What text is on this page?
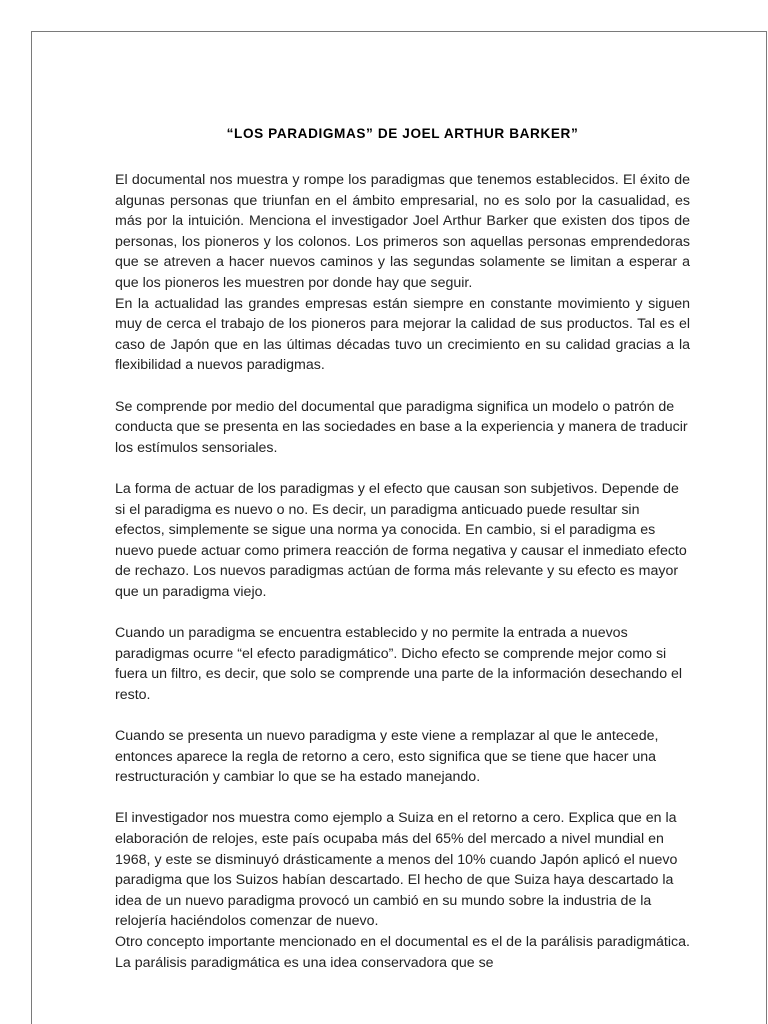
“LOS PARADIGMAS” DE JOEL ARTHUR BARKER”

El documental nos muestra y rompe los paradigmas que tenemos establecidos. El éxito de algunas personas que triunfan en el ámbito empresarial, no es solo por la casualidad, es más por la intuición. Menciona el investigador Joel Arthur Barker que existen dos tipos de personas, los pioneros y los colonos. Los primeros son aquellas personas emprendedoras que se atreven a hacer nuevos caminos y las segundas solamente se limitan a esperar a que los pioneros les muestren por donde hay que seguir.

En la actualidad las grandes empresas están siempre en constante movimiento y siguen muy de cerca el trabajo de los pioneros para mejorar la calidad de sus productos. Tal es el caso de Japón que en las últimas décadas tuvo un crecimiento en su calidad gracias a la flexibilidad a nuevos paradigmas.

Se comprende por medio del documental que paradigma significa un modelo o patrón de conducta que se presenta en las sociedades en base a la experiencia y manera de traducir los estímulos sensoriales.

La forma de actuar de los paradigmas y el efecto que causan son subjetivos. Depende de si el paradigma es nuevo o no. Es decir, un paradigma anticuado puede resultar sin efectos, simplemente se sigue una norma ya conocida. En cambio, si el paradigma es nuevo puede actuar como primera reacción de forma negativa y causar el inmediato efecto de rechazo. Los nuevos paradigmas actúan de forma más relevante y su efecto es mayor que un paradigma viejo.

Cuando un paradigma se encuentra establecido y no permite la entrada a nuevos paradigmas ocurre “el efecto paradigmático”. Dicho efecto se comprende mejor como si fuera un filtro, es decir, que solo se comprende una parte de la información desechando el resto.

Cuando se presenta un nuevo paradigma y este viene a remplazar al que le antecede, entonces aparece la regla de retorno a cero, esto significa que se tiene que hacer una restructuración y cambiar lo que se ha estado manejando.

El investigador nos muestra como ejemplo a Suiza en el retorno a cero. Explica que en la elaboración de relojes, este país ocupaba más del 65% del mercado a nivel mundial en 1968, y este se disminuyó drásticamente a menos del 10% cuando Japón aplicó el nuevo paradigma que los Suizos habían descartado. El hecho de que Suiza haya descartado la idea de un nuevo paradigma provocó un cambió en su mundo sobre la industria de la relojería haciéndolos comenzar de nuevo.

Otro concepto importante mencionado en el documental es el de la parálisis paradigmática. La parálisis paradigmática es una idea conservadora que se
